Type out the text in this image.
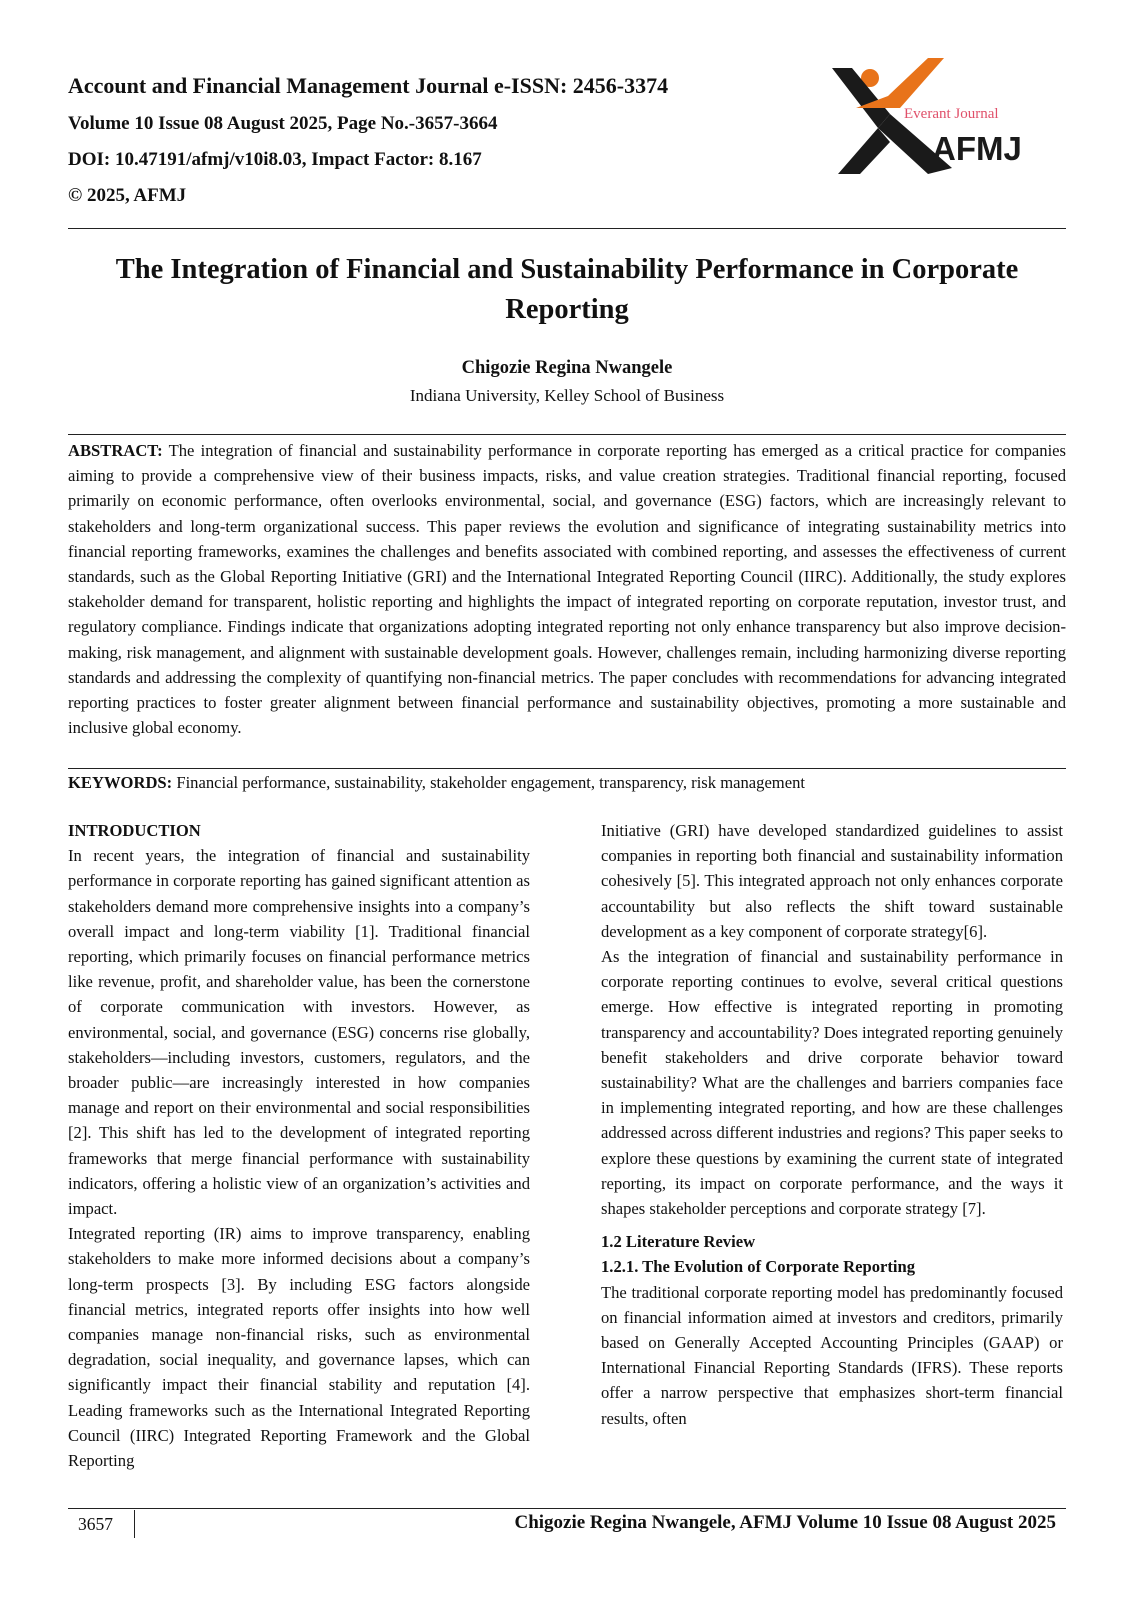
Account and Financial Management Journal e-ISSN: 2456-3374
Volume 10 Issue 08 August 2025, Page No.-3657-3664
DOI: 10.47191/afmj/v10i8.03, Impact Factor: 8.167
© 2025, AFMJ
Everant Journal
AFMJ
The Integration of Financial and Sustainability Performance in Corporate Reporting
Chigozie Regina Nwangele
Indiana University, Kelley School of Business
ABSTRACT: The integration of financial and sustainability performance in corporate reporting has emerged as a critical practice for companies aiming to provide a comprehensive view of their business impacts, risks, and value creation strategies. Traditional financial reporting, focused primarily on economic performance, often overlooks environmental, social, and governance (ESG) factors, which are increasingly relevant to stakeholders and long-term organizational success. This paper reviews the evolution and significance of integrating sustainability metrics into financial reporting frameworks, examines the challenges and benefits associated with combined reporting, and assesses the effectiveness of current standards, such as the Global Reporting Initiative (GRI) and the International Integrated Reporting Council (IIRC). Additionally, the study explores stakeholder demand for transparent, holistic reporting and highlights the impact of integrated reporting on corporate reputation, investor trust, and regulatory compliance. Findings indicate that organizations adopting integrated reporting not only enhance transparency but also improve decision-making, risk management, and alignment with sustainable development goals. However, challenges remain, including harmonizing diverse reporting standards and addressing the complexity of quantifying non-financial metrics. The paper concludes with recommendations for advancing integrated reporting practices to foster greater alignment between financial performance and sustainability objectives, promoting a more sustainable and inclusive global economy.
KEYWORDS: Financial performance, sustainability, stakeholder engagement, transparency, risk management
INTRODUCTION

In recent years, the integration of financial and sustainability performance in corporate reporting has gained significant attention as stakeholders demand more comprehensive insights into a company’s overall impact and long-term viability [1]. Traditional financial reporting, which primarily focuses on financial performance metrics like revenue, profit, and shareholder value, has been the cornerstone of corporate communication with investors. However, as environmental, social, and governance (ESG) concerns rise globally, stakeholders—including investors, customers, regulators, and the broader public—are increasingly interested in how companies manage and report on their environmental and social responsibilities [2]. This shift has led to the development of integrated reporting frameworks that merge financial performance with sustainability indicators, offering a holistic view of an organization’s activities and impact.

Integrated reporting (IR) aims to improve transparency, enabling stakeholders to make more informed decisions about a company’s long-term prospects [3]. By including ESG factors alongside financial metrics, integrated reports offer insights into how well companies manage non-financial risks, such as environmental degradation, social inequality, and governance lapses, which can significantly impact their financial stability and reputation [4]. Leading frameworks such as the International Integrated Reporting Council (IIRC) Integrated Reporting Framework and the Global Reporting

Initiative (GRI) have developed standardized guidelines to assist companies in reporting both financial and sustainability information cohesively [5]. This integrated approach not only enhances corporate accountability but also reflects the shift toward sustainable development as a key component of corporate strategy[6].

As the integration of financial and sustainability performance in corporate reporting continues to evolve, several critical questions emerge. How effective is integrated reporting in promoting transparency and accountability? Does integrated reporting genuinely benefit stakeholders and drive corporate behavior toward sustainability? What are the challenges and barriers companies face in implementing integrated reporting, and how are these challenges addressed across different industries and regions? This paper seeks to explore these questions by examining the current state of integrated reporting, its impact on corporate performance, and the ways it shapes stakeholder perceptions and corporate strategy [7].

1.2 Literature Review
1.2.1. The Evolution of Corporate Reporting

The traditional corporate reporting model has predominantly focused on financial information aimed at investors and creditors, primarily based on Generally Accepted Accounting Principles (GAAP) or International Financial Reporting Standards (IFRS). These reports offer a narrow perspective that emphasizes short-term financial results, often

3657	Chigozie Regina Nwangele, AFMJ Volume 10 Issue 08 August 2025
